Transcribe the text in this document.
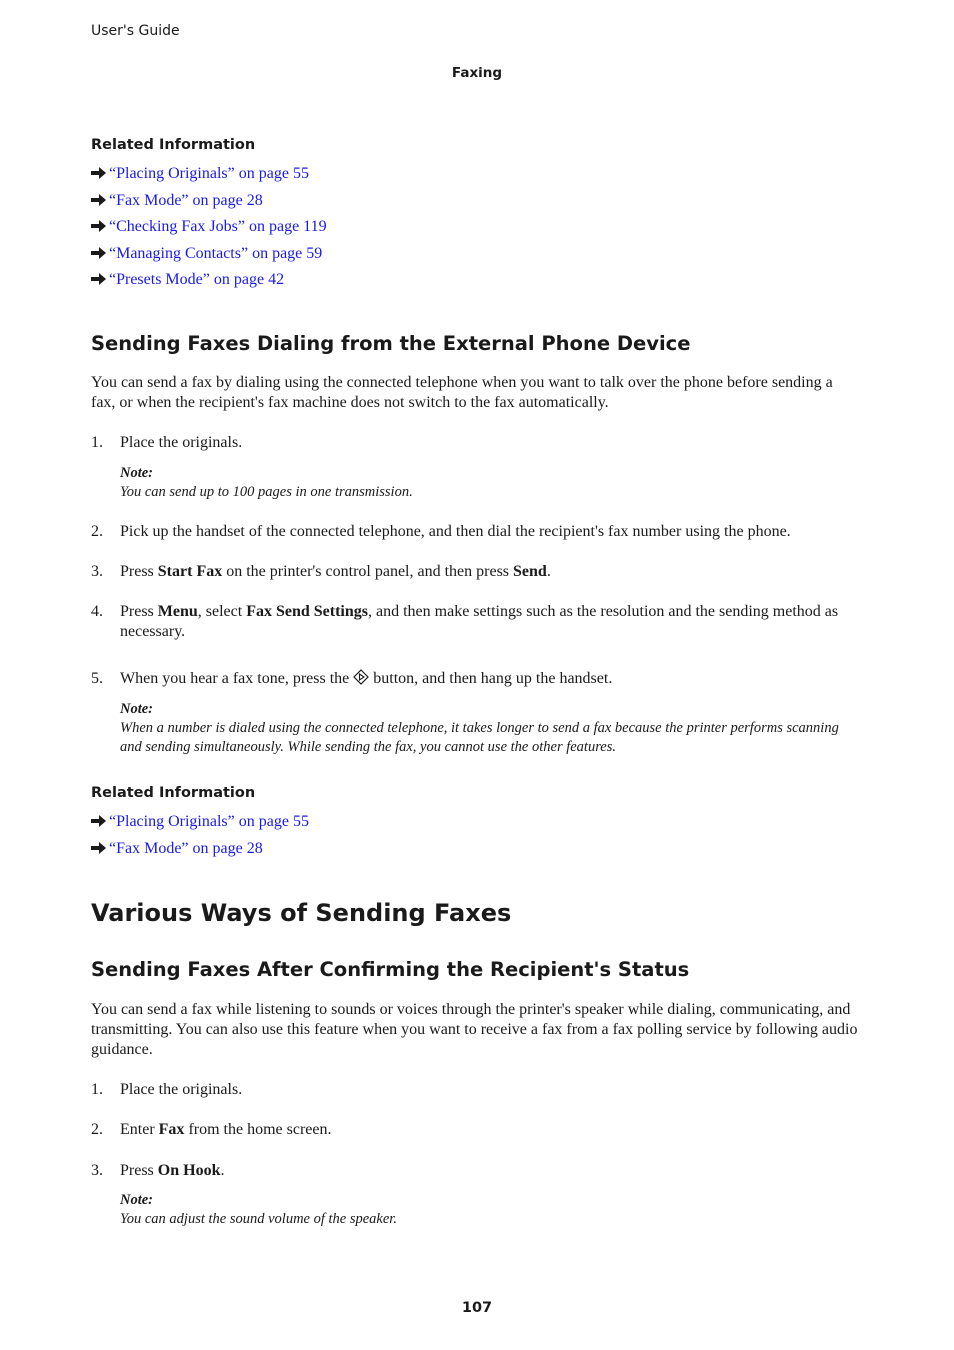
User's Guide
Faxing
Related Information
“Placing Originals” on page 55
“Fax Mode” on page 28
“Checking Fax Jobs” on page 119
“Managing Contacts” on page 59
“Presets Mode” on page 42
Sending Faxes Dialing from the External Phone Device
You can send a fax by dialing using the connected telephone when you want to talk over the phone before sending a fax, or when the recipient's fax machine does not switch to the fax automatically.
1.	Place the originals.
Note:
You can send up to 100 pages in one transmission.
2.	Pick up the handset of the connected telephone, and then dial the recipient's fax number using the phone.
3.	Press Start Fax on the printer's control panel, and then press Send.
4.	Press Menu, select Fax Send Settings, and then make settings such as the resolution and the sending method as necessary.
5.	When you hear a fax tone, press the  button, and then hang up the handset.
Note:
When a number is dialed using the connected telephone, it takes longer to send a fax because the printer performs scanning and sending simultaneously. While sending the fax, you cannot use the other features.
Related Information
“Placing Originals” on page 55
“Fax Mode” on page 28
Various Ways of Sending Faxes
Sending Faxes After Confirming the Recipient's Status
You can send a fax while listening to sounds or voices through the printer's speaker while dialing, communicating, and transmitting. You can also use this feature when you want to receive a fax from a fax polling service by following audio guidance.
1.	Place the originals.
2.	Enter Fax from the home screen.
3.	Press On Hook.
Note:
You can adjust the sound volume of the speaker.
107
